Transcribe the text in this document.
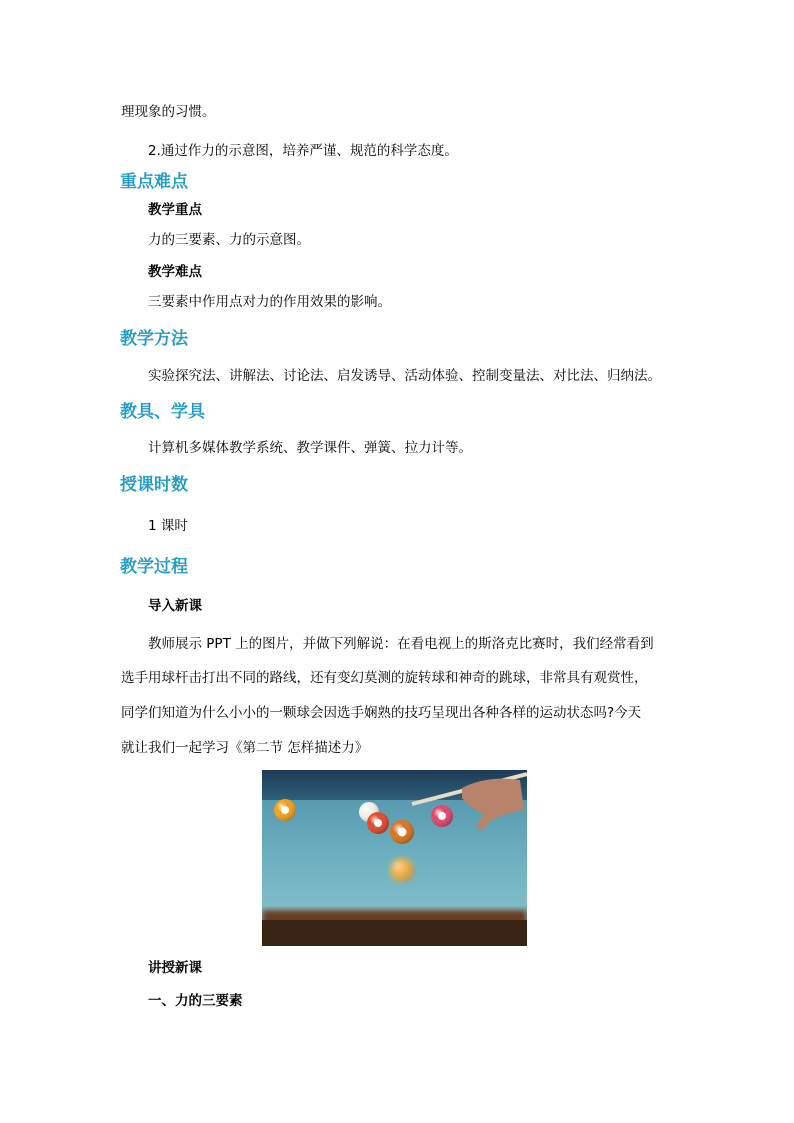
理现象的习惯。
2.通过作力的示意图，培养严谨、规范的科学态度。
重点难点
教学重点
力的三要素、力的示意图。
教学难点
三要素中作用点对力的作用效果的影响。
教学方法
实验探究法、讲解法、讨论法、启发诱导、活动体验、控制变量法、对比法、归纳法。
教具、学具
计算机多媒体教学系统、教学课件、弹簧、拉力计等。
授课时数
1 课时
教学过程
导入新课
教师展示 PPT 上的图片，并做下列解说：在看电视上的斯洛克比赛时，我们经常看到
选手用球杆击打出不同的路线，还有变幻莫测的旋转球和神奇的跳球，非常具有观赏性，
同学们知道为什么小小的一颗球会因选手娴熟的技巧呈现出各种各样的运动状态吗?今天
就让我们一起学习《第二节 怎样描述力》
讲授新课
一、力的三要素
